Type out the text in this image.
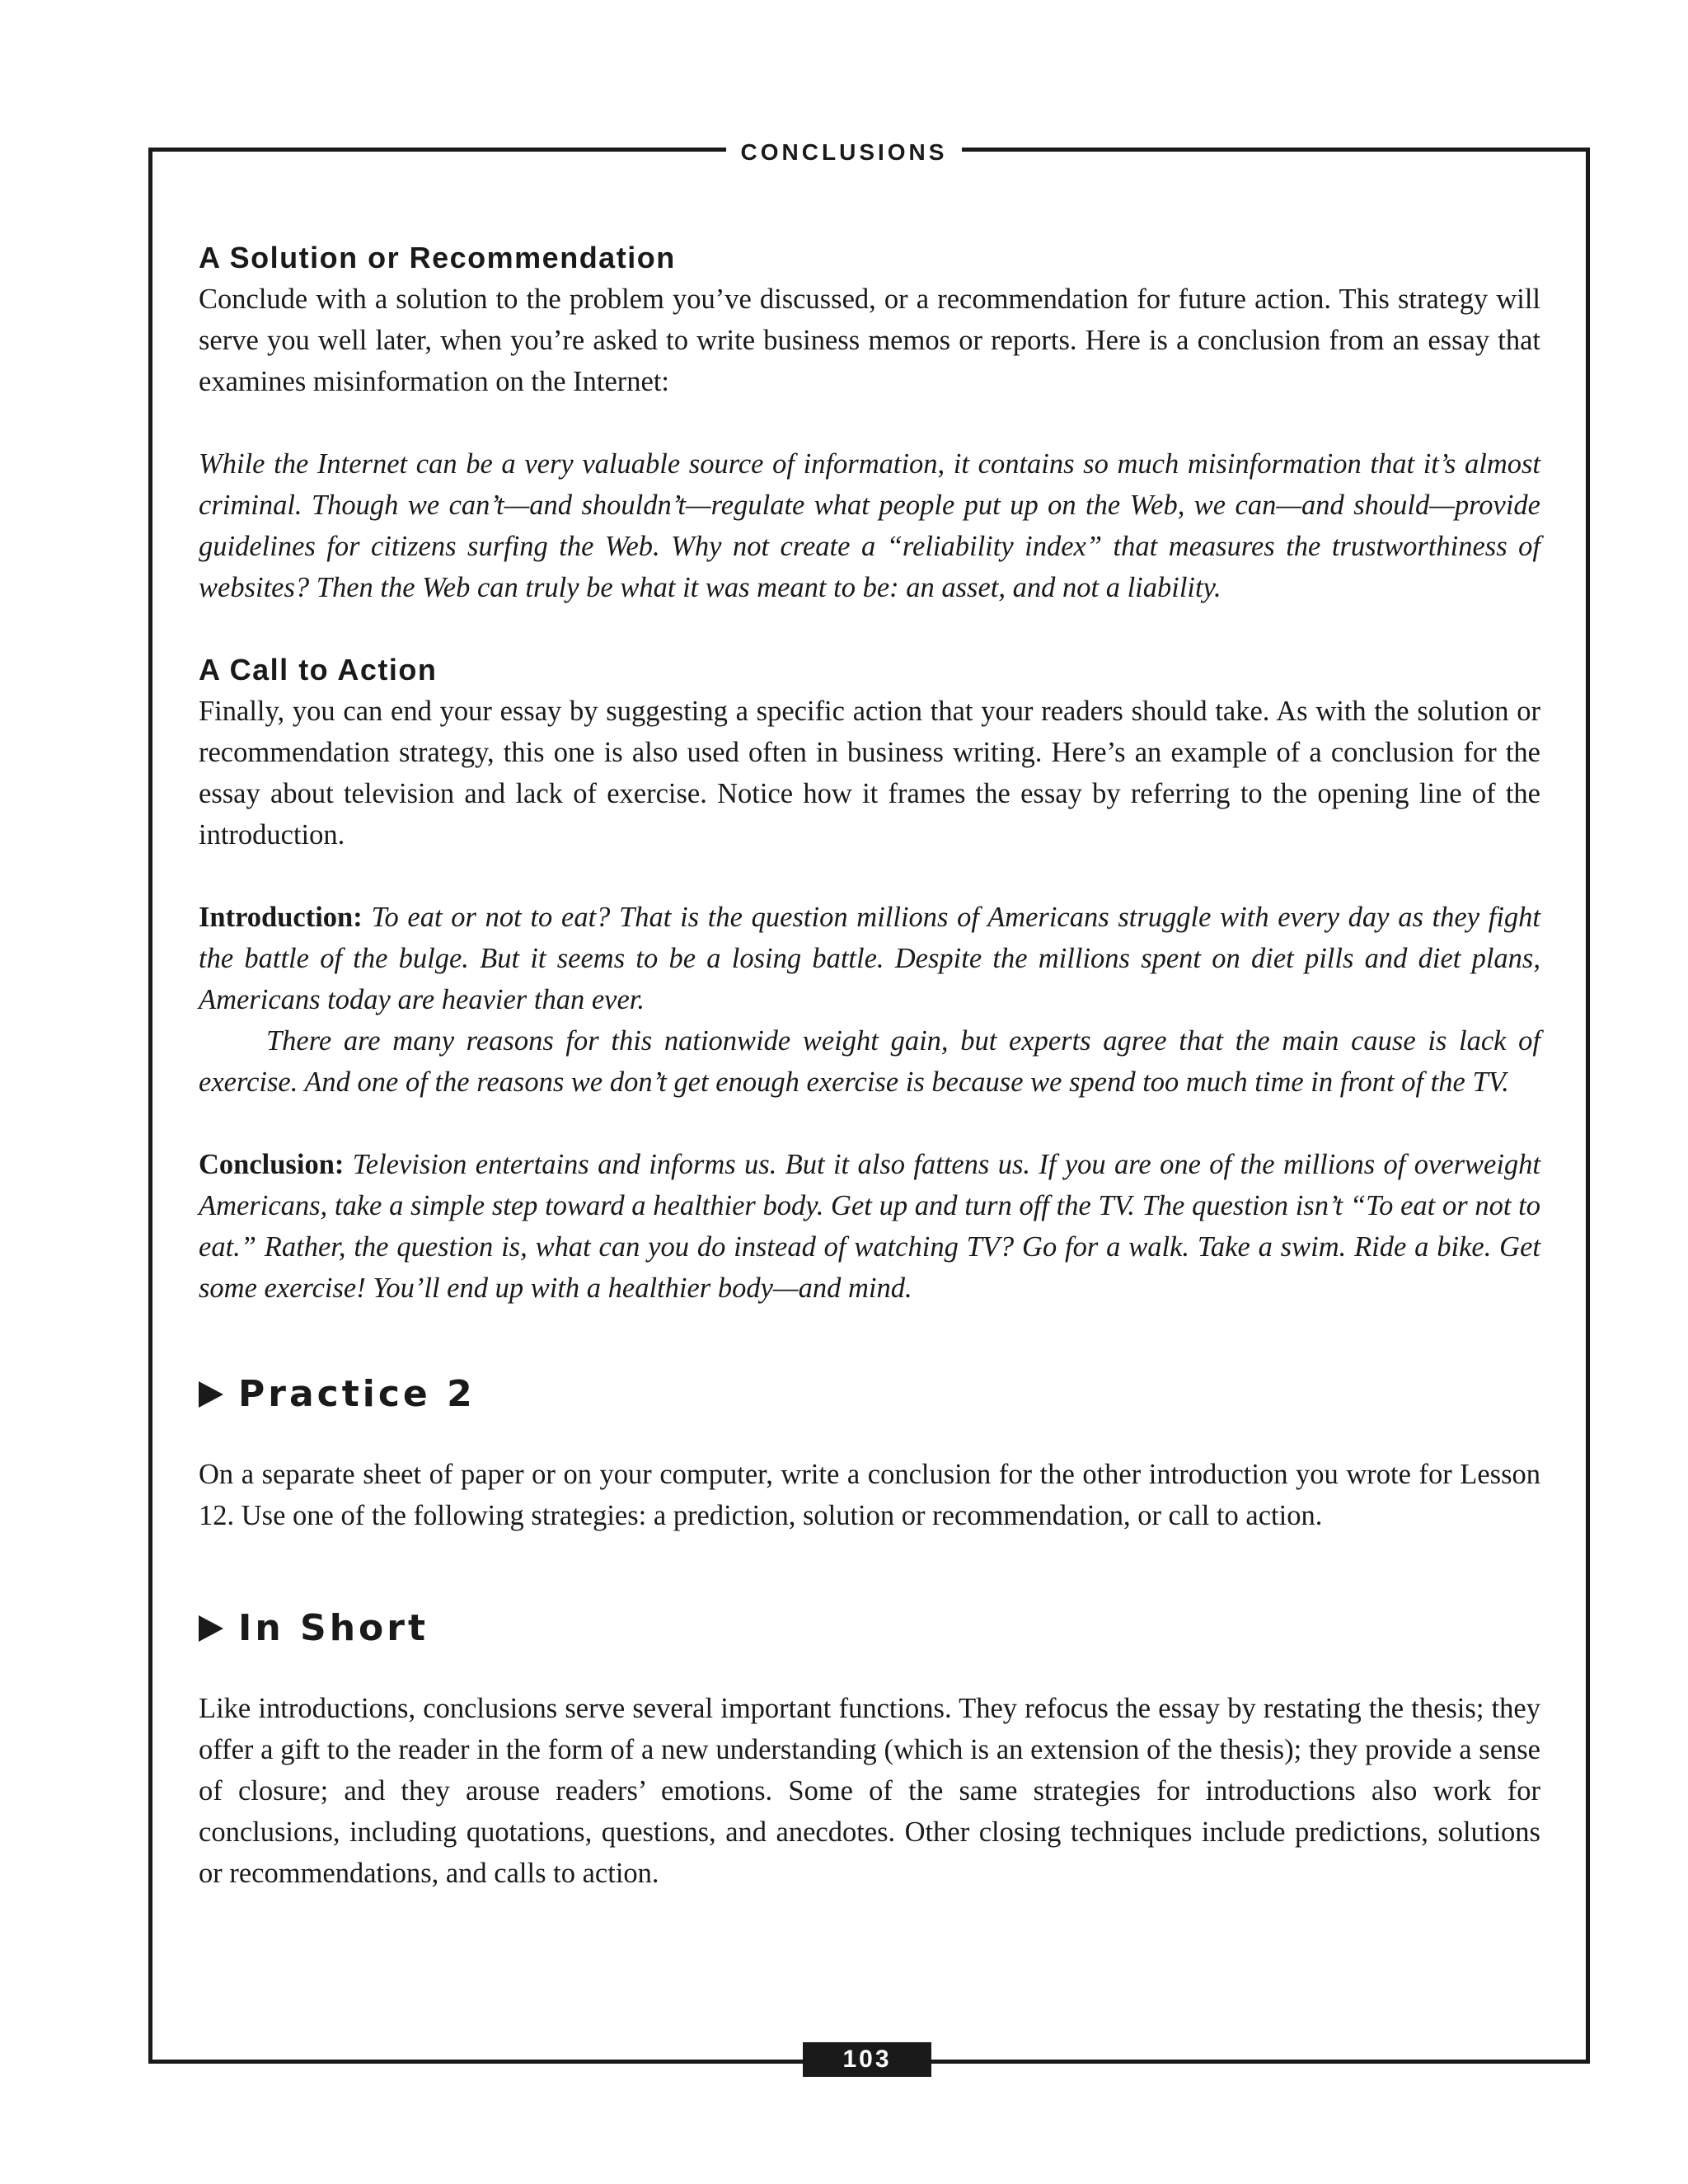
CONCLUSIONS
A Solution or Recommendation

Conclude with a solution to the problem you’ve discussed, or a recommendation for future action. This strategy will serve you well later, when you’re asked to write business memos or reports. Here is a conclusion from an essay that examines misinformation on the Internet:

While the Internet can be a very valuable source of information, it contains so much misinformation that it’s almost criminal. Though we can’t—and shouldn’t—regulate what people put up on the Web, we can—and should—provide guidelines for citizens surfing the Web. Why not create a “reliability index” that measures the trustworthiness of websites? Then the Web can truly be what it was meant to be: an asset, and not a liability.

A Call to Action

Finally, you can end your essay by suggesting a specific action that your readers should take. As with the solution or recommendation strategy, this one is also used often in business writing. Here’s an example of a conclusion for the essay about television and lack of exercise. Notice how it frames the essay by referring to the opening line of the introduction.

Introduction: To eat or not to eat? That is the question millions of Americans struggle with every day as they fight the battle of the bulge. But it seems to be a losing battle. Despite the millions spent on diet pills and diet plans, Americans today are heavier than ever.

There are many reasons for this nationwide weight gain, but experts agree that the main cause is lack of exercise. And one of the reasons we don’t get enough exercise is because we spend too much time in front of the TV.

Conclusion: Television entertains and informs us. But it also fattens us. If you are one of the millions of overweight Americans, take a simple step toward a healthier body. Get up and turn off the TV. The question isn’t “To eat or not to eat.” Rather, the question is, what can you do instead of watching TV? Go for a walk. Take a swim. Ride a bike. Get some exercise! You’ll end up with a healthier body—and mind.

Practice 2

On a separate sheet of paper or on your computer, write a conclusion for the other introduction you wrote for Lesson 12. Use one of the following strategies: a prediction, solution or recommendation, or call to action.

In Short

Like introductions, conclusions serve several important functions. They refocus the essay by restating the thesis; they offer a gift to the reader in the form of a new understanding (which is an extension of the thesis); they provide a sense of closure; and they arouse readers’ emotions. Some of the same strategies for introductions also work for conclusions, including quotations, questions, and anecdotes. Other closing techniques include predictions, solutions or recommendations, and calls to action.

103
